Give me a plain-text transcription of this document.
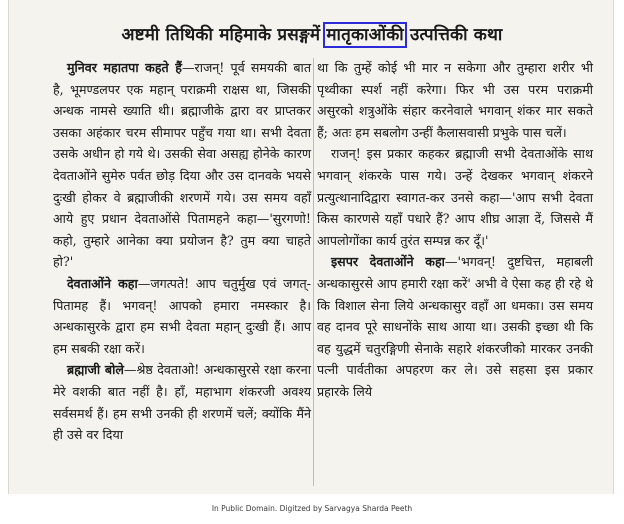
अष्टमी तिथिकी महिमाके प्रसङ्गमें मातृकाओंकी उत्पत्तिकी कथा

मुनिवर महातपा कहते हैं—राजन्! पूर्व समयकी बात है, भूमण्डलपर एक महान् पराक्रमी राक्षस था, जिसकी अन्धक नामसे ख्याति थी। ब्रह्माजीके द्वारा वर प्राप्तकर उसका अहंकार चरम सीमापर पहुँच गया था। सभी देवता उसके अधीन हो गये थे। उसकी सेवा असह्य होनेके कारण देवताओंने सुमेरु पर्वत छोड़ दिया और उस दानवके भयसे दुःखी होकर वे ब्रह्माजीकी शरणमें गये। उस समय वहाँ आये हुए प्रधान देवताओंसे पितामहने कहा—'सुरगणो! कहो, तुम्हारे आनेका क्या प्रयोजन है? तुम क्या चाहते हो?'

देवताओंने कहा—जगत्पते! आप चतुर्मुख एवं जगत्-पितामह हैं। भगवन्! आपको हमारा नमस्कार है। अन्धकासुरके द्वारा हम सभी देवता महान् दुःखी हैं। आप हम सबकी रक्षा करें।

ब्रह्माजी बोले—श्रेष्ठ देवताओ! अन्धकासुरसे रक्षा करना मेरे वशकी बात नहीं है। हाँ, महाभाग शंकरजी अवश्य सर्वसमर्थ हैं। हम सभी उनकी ही शरणमें चलें; क्योंकि मैंने ही उसे वर दिया

था कि तुम्हें कोई भी मार न सकेगा और तुम्हारा शरीर भी पृथ्वीका स्पर्श नहीं करेगा। फिर भी उस परम पराक्रमी असुरको शत्रुओंके संहार करनेवाले भगवान् शंकर मार सकते हैं; अतः हम सबलोग उन्हीं कैलासवासी प्रभुके पास चलें।

राजन्! इस प्रकार कहकर ब्रह्माजी सभी देवताओंके साथ भगवान् शंकरके पास गये। उन्हें देखकर भगवान् शंकरने प्रत्युत्थानादिद्वारा स्वागत-कर उनसे कहा—'आप सभी देवता किस कारणसे यहाँ पधारे हैं? आप शीघ्र आज्ञा दें, जिससे मैं आपलोगोंका कार्य तुरंत सम्पन्न कर दूँ।'

इसपर देवताओंने कहा—'भगवन्! दुष्टचित्त, महाबली अन्धकासुरसे आप हमारी रक्षा करें' अभी वे ऐसा कह ही रहे थे कि विशाल सेना लिये अन्धकासुर वहाँ आ धमका। उस समय वह दानव पूरे साधनोंके साथ आया था। उसकी इच्छा थी कि वह युद्धमें चतुरङ्गिणी सेनाके सहारे शंकरजीको मारकर उनकी पत्नी पार्वतीका अपहरण कर ले। उसे सहसा इस प्रकार प्रहारके लिये

In Public Domain. Digitzed by Sarvagya Sharda Peeth
